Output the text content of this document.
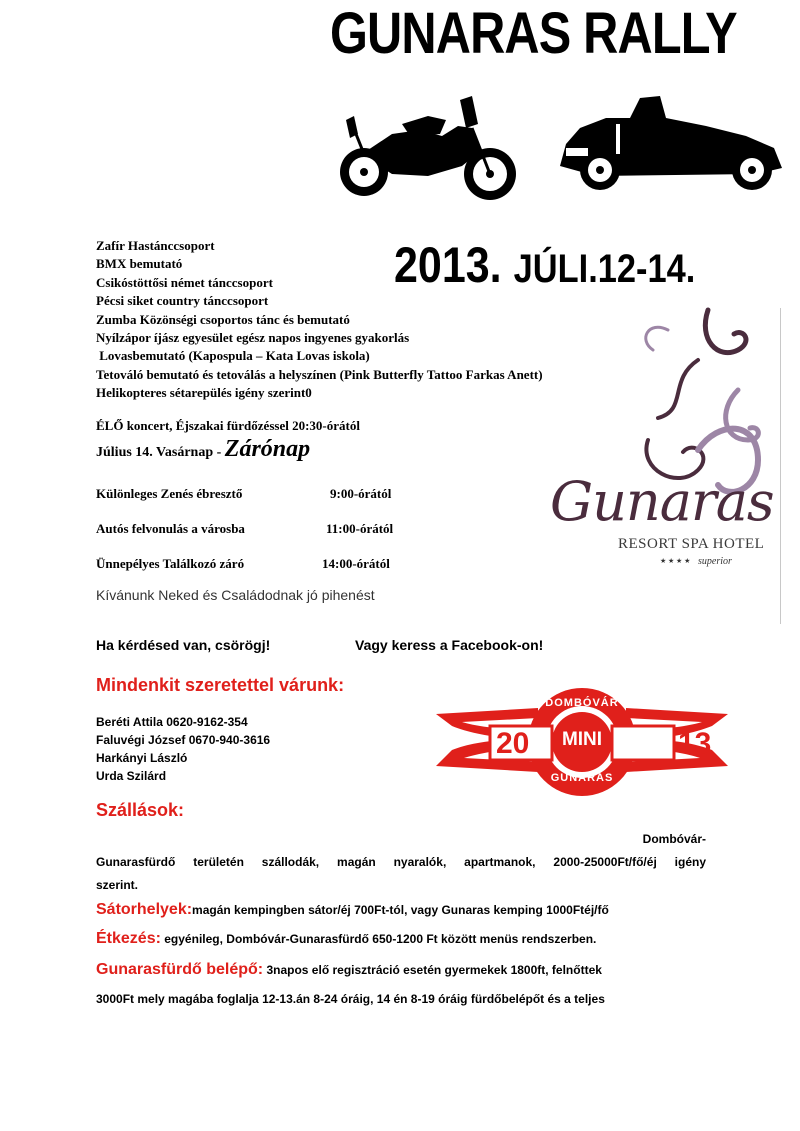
GUNARAS RALLY
2013. JÚLI.12-14.
Zafír Hastánccsoport
BMX bemutató
Csikóstöttősi német tánccsoport
Pécsi siket country tánccsoport
Zumba Közönségi csoportos tánc és bemutató
Nyílzápor íjász egyesület egész napos ingyenes gyakorlás
Lovasbemutató (Kapospula – Kata Lovas iskola)
Tetováló bemutató és tetoválás a helyszínen (Pink Butterfly Tattoo Farkas Anett)
Helikopteres sétarepülés igény szerint0
ÉLŐ koncert, Éjszakai fürdőzéssel 20:30-órától
Július 14. Vasárnap - Zárónap
Különleges Zenés ébresztő	9:00-órától
Autós felvonulás a városba	11:00-órától
Ünnepélyes Találkozó záró	14:00-órától
Kívánunk Neked és Családodnak jó pihenést
Gunaras
RESORT SPA HOTEL
★ ★ ★ ★ superior
Ha kérdésed van, csörögj!	Vagy keress a Facebook-on!
Mindenkit szeretettel várunk:
Beréti Attila 0620-9162-354
Faluvégi József 0670-940-3616
Harkányi László
Urda Szilárd
20 MINI	13
DOMBÓVÁR
GUNARAS
Szállások:
Dombóvár-
Gunarasfürdő területén szállodák, magán nyaralók, apartmanok, 2000-25000Ft/fő/éj igény
szerint.
Sátorhelyek:magán kempingben sátor/éj 700Ft-tól, vagy Gunaras kemping 1000Ftéj/fő
Étkezés: egyénileg, Dombóvár-Gunarasfürdő 650-1200 Ft között menüs rendszerben.
Gunarasfürdő belépő: 3napos elő regisztráció esetén gyermekek 1800ft, felnőttek
3000Ft mely magába foglalja 12-13.án 8-24 óráig, 14 én 8-19 óráig fürdőbelépőt és a teljes
